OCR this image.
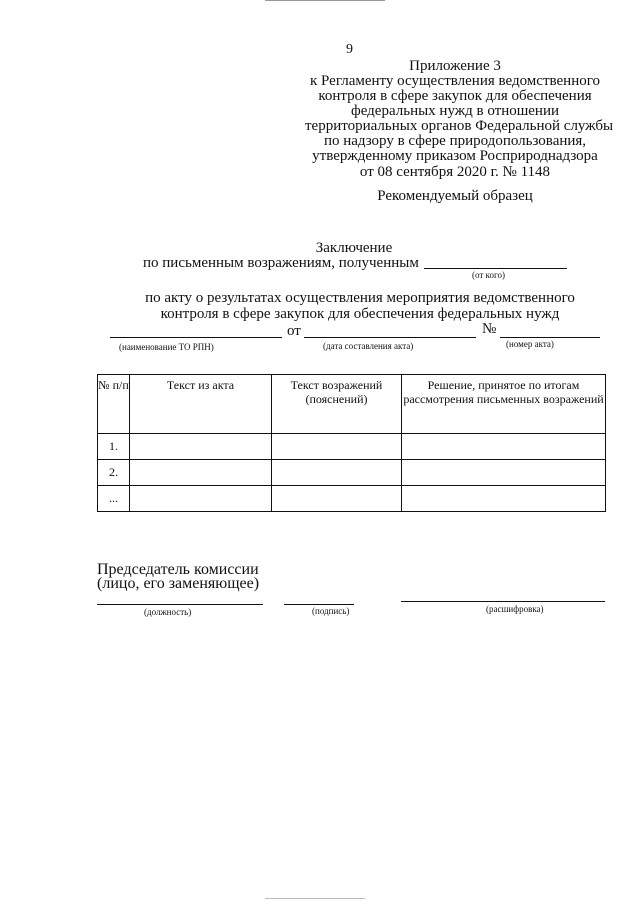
9
Приложение 3
к Регламенту осуществления ведомственного
контроля в сфере закупок для обеспечения
федеральных нужд в отношении
территориальных органов Федеральной службы
по надзору в сфере природопользования,
утвержденному приказом Росприроднадзора
от 08 сентября 2020 г. № 1148
Рекомендуемый образец
Заключение
по письменным возражениям, полученным
(от кого)
по акту о результатах осуществления мероприятия ведомственного
контроля в сфере закупок для обеспечения федеральных нужд
от	№
(наименование ТО РПН)	(дата составления акта)	(номер акта)
№ п/п	Текст из акта	Текст возражений (пояснений)	Решение, принятое по итогам рассмотрения письменных возражений
1.			
2.			
...			
Председатель комиссии
(лицо, его заменяющее)
(должность)	(подпись)	(расшифровка)
